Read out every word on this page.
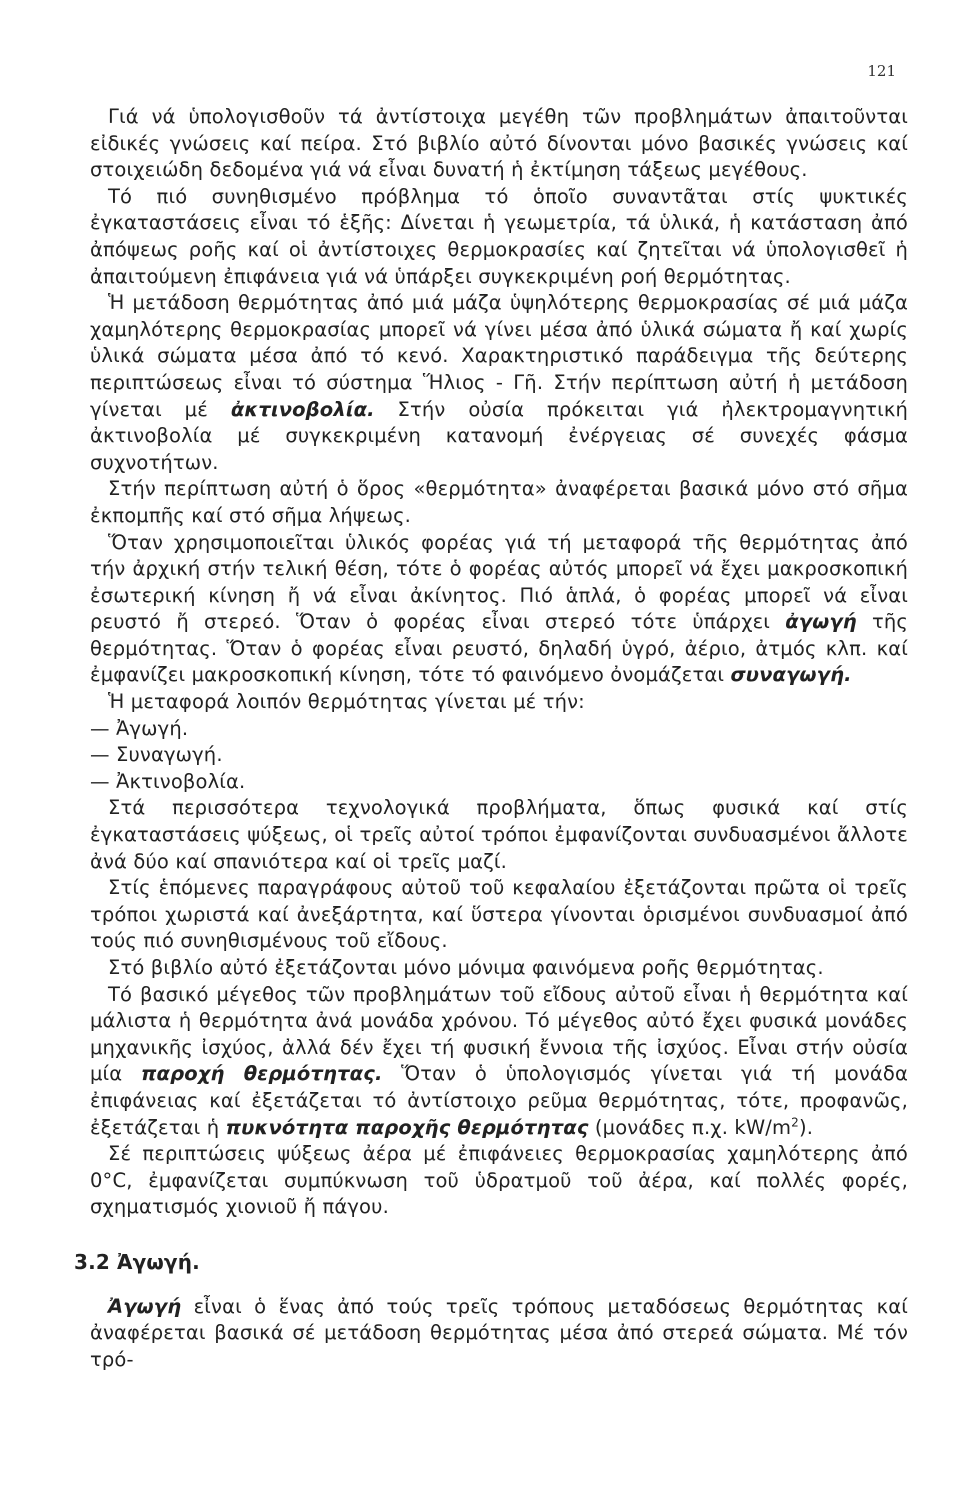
121

Γιά νά ὑπολογισθοῦν τά ἀντίστοιχα μεγέθη τῶν προβλημάτων ἀπαιτοῦνται εἰδικές γνώσεις καί πείρα. Στό βιβλίο αὐτό δίνονται μόνο βασικές γνώσεις καί στοιχειώδη δεδομένα γιά νά εἶναι δυνατή ἡ ἐκτίμηση τάξεως μεγέθους.

Τό πιό συνηθισμένο πρόβλημα τό ὁποῖο συναντᾶται στίς ψυκτικές ἐγκαταστάσεις εἶναι τό ἑξῆς: Δίνεται ἡ γεωμετρία, τά ὑλικά, ἡ κατάσταση ἀπό ἀπόψεως ροῆς καί οἱ ἀντίστοιχες θερμοκρασίες καί ζητεῖται νά ὑπολογισθεῖ ἡ ἀπαιτούμενη ἐπιφάνεια γιά νά ὑπάρξει συγκεκριμένη ροή θερμότητας.

Ἡ μετάδοση θερμότητας ἀπό μιά μάζα ὑψηλότερης θερμοκρασίας σέ μιά μάζα χαμηλότερης θερμοκρασίας μπορεῖ νά γίνει μέσα ἀπό ὑλικά σώματα ἤ καί χωρίς ὑλικά σώματα μέσα ἀπό τό κενό. Χαρακτηριστικό παράδειγμα τῆς δεύτερης περιπτώσεως εἶναι τό σύστημα Ἥλιος - Γῆ. Στήν περίπτωση αὐτή ἡ μετάδοση γίνεται μέ ἀκτινοβολία. Στήν οὐσία πρόκειται γιά ἠλεκτρομαγνητική ἀκτινοβολία μέ συγκεκριμένη κατανομή ἐνέργειας σέ συνεχές φάσμα συχνοτήτων.

Στήν περίπτωση αὐτή ὁ ὅρος «θερμότητα» ἀναφέρεται βασικά μόνο στό σῆμα ἐκπομπῆς καί στό σῆμα λήψεως.

Ὅταν χρησιμοποιεῖται ὑλικός φορέας γιά τή μεταφορά τῆς θερμότητας ἀπό τήν ἀρχική στήν τελική θέση, τότε ὁ φορέας αὐτός μπορεῖ νά ἔχει μακροσκοπική ἐσωτερική κίνηση ἤ νά εἶναι ἀκίνητος. Πιό ἁπλά, ὁ φορέας μπορεῖ νά εἶναι ρευστό ἤ στερεό. Ὅταν ὁ φορέας εἶναι στερεό τότε ὑπάρχει ἀγωγή τῆς θερμότητας. Ὅταν ὁ φορέας εἶναι ρευστό, δηλαδή ὑγρό, ἀέριο, ἀτμός κλπ. καί ἐμφανίζει μακροσκοπική κίνηση, τότε τό φαινόμενο ὀνομάζεται συναγωγή.

Ἡ μεταφορά λοιπόν θερμότητας γίνεται μέ τήν:

— Ἀγωγή.
— Συναγωγή.
— Ἀκτινοβολία.

Στά περισσότερα τεχνολογικά προβλήματα, ὅπως φυσικά καί στίς ἐγκαταστάσεις ψύξεως, οἱ τρεῖς αὐτοί τρόποι ἐμφανίζονται συνδυασμένοι ἄλλοτε ἀνά δύο καί σπανιότερα καί οἱ τρεῖς μαζί.

Στίς ἑπόμενες παραγράφους αὐτοῦ τοῦ κεφαλαίου ἐξετάζονται πρῶτα οἱ τρεῖς τρόποι χωριστά καί ἀνεξάρτητα, καί ὕστερα γίνονται ὁρισμένοι συνδυασμοί ἀπό τούς πιό συνηθισμένους τοῦ εἴδους.

Στό βιβλίο αὐτό ἐξετάζονται μόνο μόνιμα φαινόμενα ροῆς θερμότητας.

Τό βασικό μέγεθος τῶν προβλημάτων τοῦ εἴδους αὐτοῦ εἶναι ἡ θερμότητα καί μάλιστα ἡ θερμότητα ἀνά μονάδα χρόνου. Τό μέγεθος αὐτό ἔχει φυσικά μονάδες μηχανικῆς ἰσχύος, ἀλλά δέν ἔχει τή φυσική ἔννοια τῆς ἰσχύος. Εἶναι στήν οὐσία μία παροχή θερμότητας. Ὅταν ὁ ὑπολογισμός γίνεται γιά τή μονάδα ἐπιφάνειας καί ἐξετάζεται τό ἀντίστοιχο ρεῦμα θερμότητας, τότε, προφανῶς, ἐξετάζεται ἡ πυκνότητα παροχῆς θερμότητας (μονάδες π.χ. $kW/m^2$).

Σέ περιπτώσεις ψύξεως ἀέρα μέ ἐπιφάνειες θερμοκρασίας χαμηλότερης ἀπό 0°C, ἐμφανίζεται συμπύκνωση τοῦ ὑδρατμοῦ τοῦ ἀέρα, καί πολλές φορές, σχηματισμός χιονιοῦ ἤ πάγου.

3.2 Ἀγωγή.

Ἀγωγή εἶναι ὁ ἕνας ἀπό τούς τρεῖς τρόπους μεταδόσεως θερμότητας καί ἀναφέρεται βασικά σέ μετάδοση θερμότητας μέσα ἀπό στερεά σώματα. Μέ τόν τρό-
